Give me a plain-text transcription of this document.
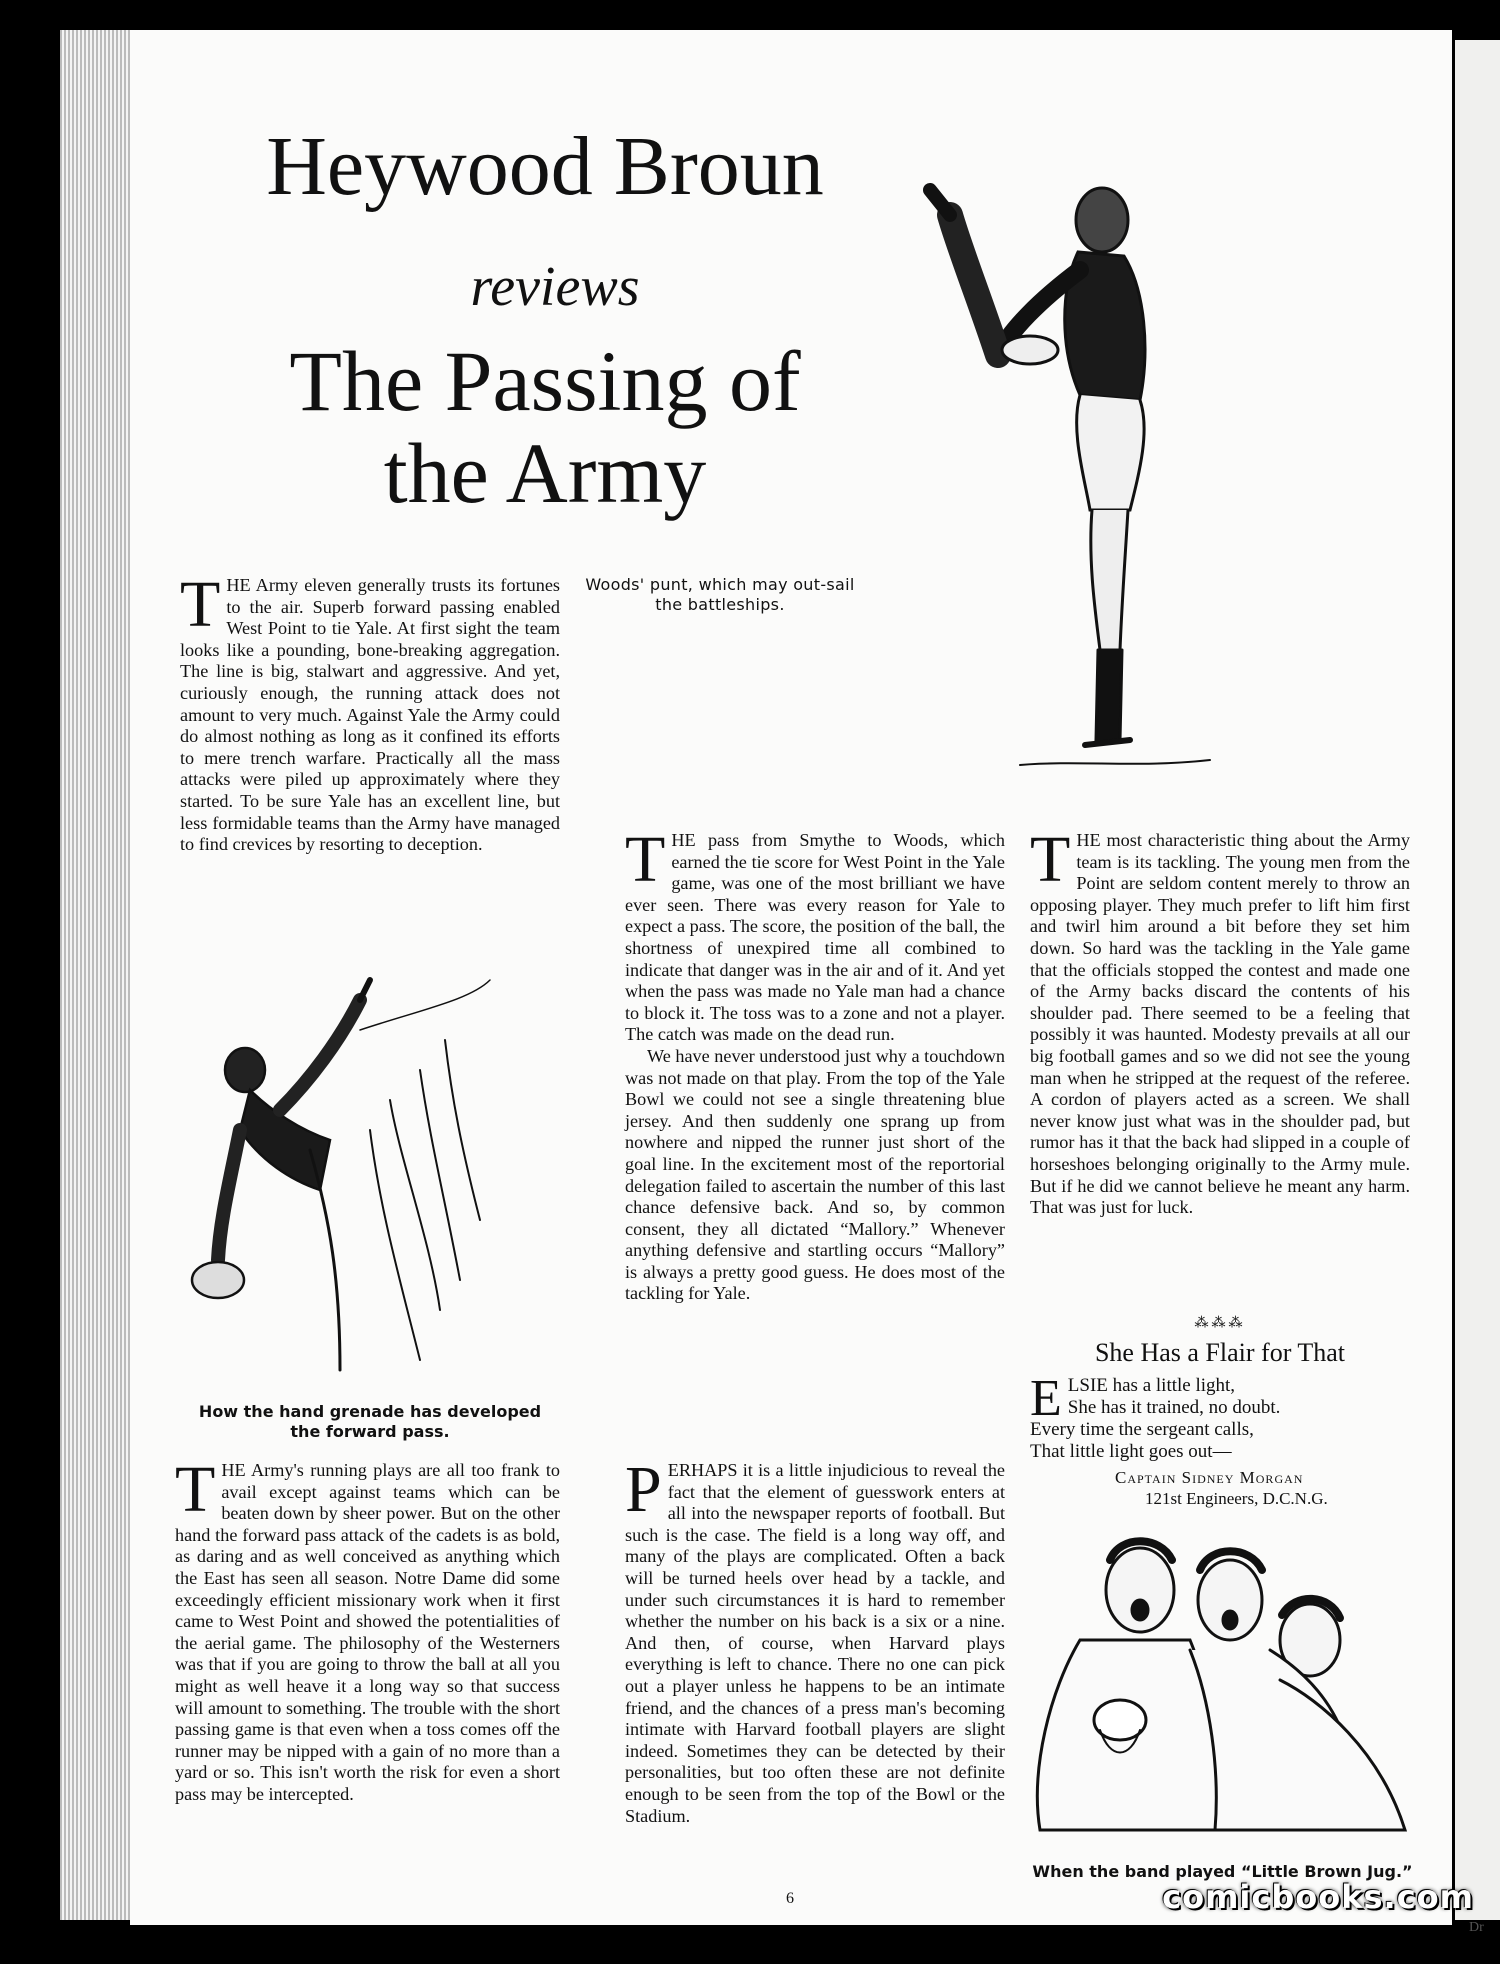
Dr
Heywood Broun
reviews
The Passing of the Army
Woods' punt, which may out-sail the battleships.

THE Army eleven generally trusts its fortunes to the air. Superb forward passing enabled West Point to tie Yale. At first sight the team looks like a pounding, bone-breaking aggregation. The line is big, stalwart and aggressive. And yet, curiously enough, the running attack does not amount to very much. Against Yale the Army could do almost nothing as long as it confined its efforts to mere trench warfare. Practically all the mass attacks were piled up approximately where they started. To be sure Yale has an excellent line, but less formidable teams than the Army have managed to find crevices by resorting to deception.

How the hand grenade has developed the forward pass.

THE Army's running plays are all too frank to avail except against teams which can be beaten down by sheer power. But on the other hand the forward pass attack of the cadets is as bold, as daring and as well conceived as anything which the East has seen all season. Notre Dame did some exceedingly efficient missionary work when it first came to West Point and showed the potentialities of the aerial game. The philosophy of the Westerners was that if you are going to throw the ball at all you might as well heave it a long way so that success will amount to something. The trouble with the short passing game is that even when a toss comes off the runner may be nipped with a gain of no more than a yard or so. This isn't worth the risk for even a short pass may be intercepted.

THE pass from Smythe to Woods, which earned the tie score for West Point in the Yale game, was one of the most brilliant we have ever seen. There was every reason for Yale to expect a pass. The score, the position of the ball, the shortness of unexpired time all combined to indicate that danger was in the air and of it. And yet when the pass was made no Yale man had a chance to block it. The toss was to a zone and not a player. The catch was made on the dead run.

We have never understood just why a touchdown was not made on that play. From the top of the Yale Bowl we could not see a single threatening blue jersey. And then suddenly one sprang up from nowhere and nipped the runner just short of the goal line. In the excitement most of the reportorial delegation failed to ascertain the number of this last chance defensive back. And so, by common consent, they all dictated “Mallory.” Whenever anything defensive and startling occurs “Mallory” is always a pretty good guess. He does most of the tackling for Yale.

PERHAPS it is a little injudicious to reveal the fact that the element of guesswork enters at all into the newspaper reports of football. But such is the case. The field is a long way off, and many of the plays are complicated. Often a back will be turned heels over head by a tackle, and under such circumstances it is hard to remember whether the number on his back is a six or a nine. And then, of course, when Harvard plays everything is left to chance. There no one can pick out a player unless he happens to be an intimate friend, and the chances of a press man's becoming intimate with Harvard football players are slight indeed. Sometimes they can be detected by their personalities, but too often these are not definite enough to be seen from the top of the Bowl or the Stadium.

THE most characteristic thing about the Army team is its tackling. The young men from the Point are seldom content merely to throw an opposing player. They much prefer to lift him first and twirl him around a bit before they set him down. So hard was the tackling in the Yale game that the officials stopped the contest and made one of the Army backs discard the contents of his shoulder pad. There seemed to be a feeling that possibly it was haunted. Modesty prevails at all our big football games and so we did not see the young man when he stripped at the request of the referee. A cordon of players acted as a screen. We shall never know just what was in the shoulder pad, but rumor has it that the back had slipped in a couple of horseshoes belonging originally to the Army mule. But if he did we cannot believe he meant any harm. That was just for luck.

⁂⁂⁂
She Has a Flair for That
ELSIE has a little light,
She has it trained, no doubt.
Every time the sergeant calls,
That little light goes out—
Captain Sidney Morgan
121st Engineers, D.C.N.G.
When the band played “Little Brown Jug.”
6	comicbooks.com
